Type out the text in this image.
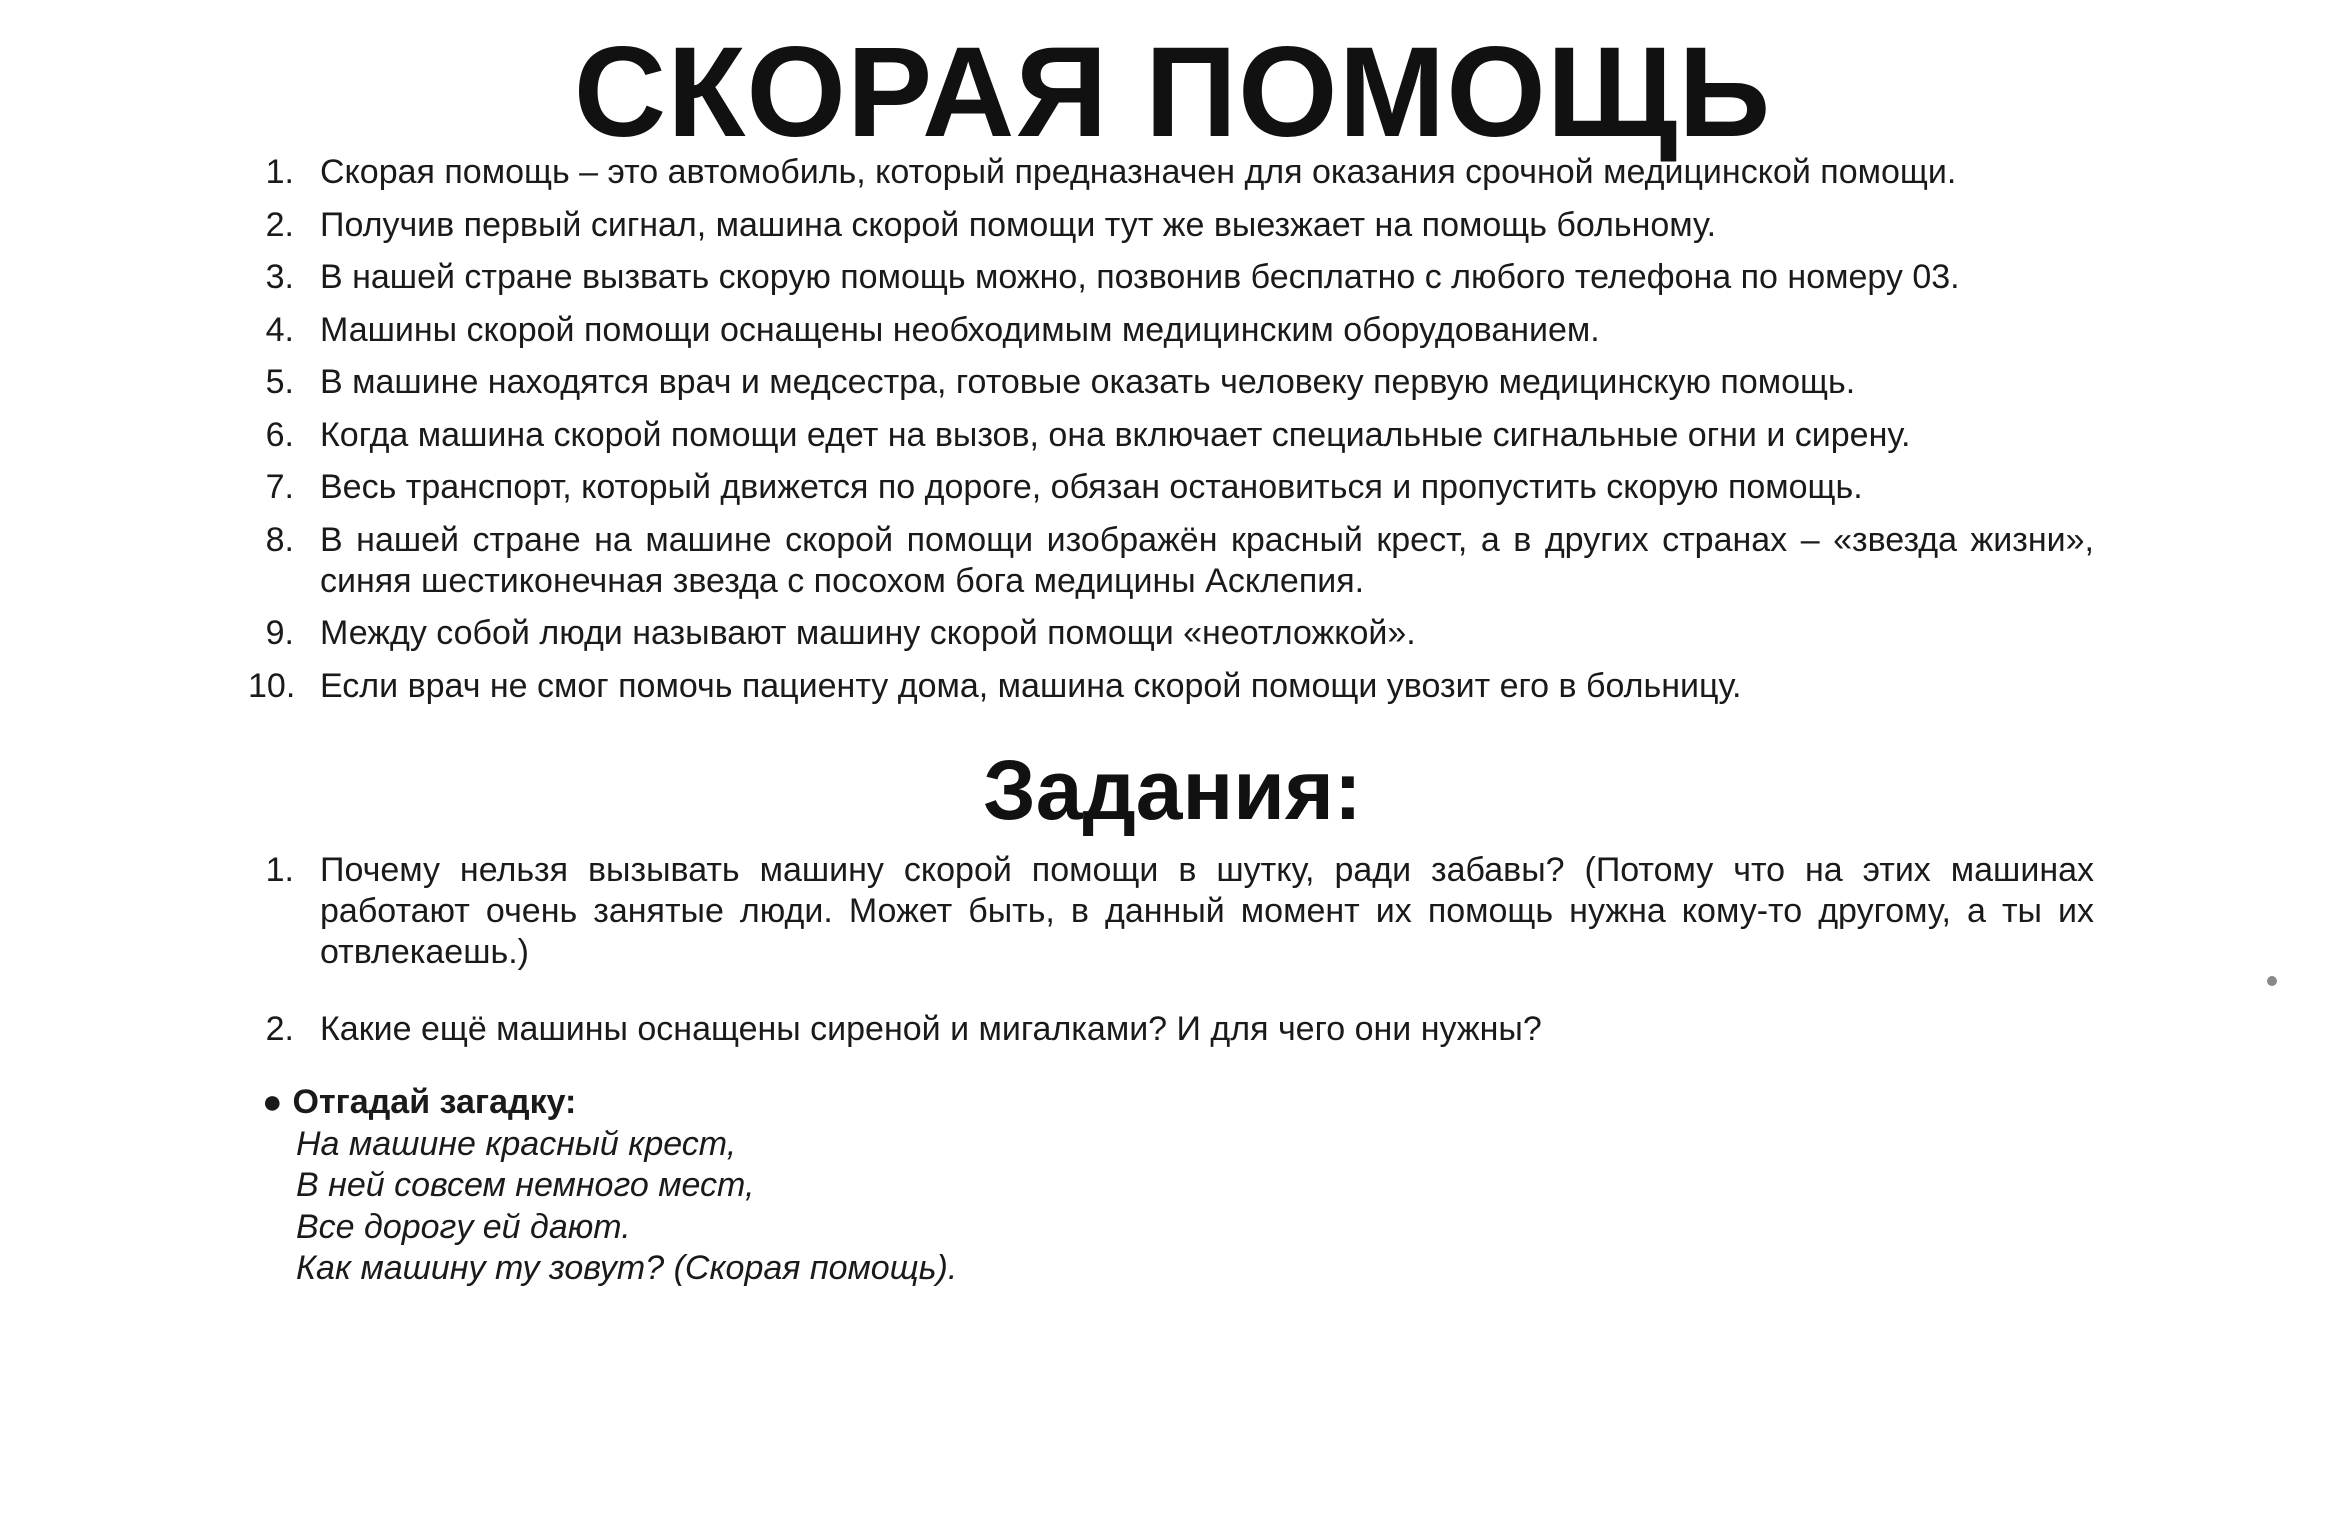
СКОРАЯ ПОМОЩЬ
1. Скорая помощь – это автомобиль, который предназначен для оказания срочной медицинской помощи.
2. Получив первый сигнал, машина скорой помощи тут же выезжает на помощь больному.
3. В нашей стране вызвать скорую помощь можно, позвонив бесплатно с любого телефона по номеру 03.
4. Машины скорой помощи оснащены необходимым медицинским оборудованием.
5. В машине находятся врач и медсестра, готовые оказать человеку первую медицинскую помощь.
6. Когда машина скорой помощи едет на вызов, она включает специальные сигнальные огни и сирену.
7. Весь транспорт, который движется по дороге, обязан остановиться и пропустить скорую помощь.
8. В нашей стране на машине скорой помощи изображён красный крест, а в других странах – «звезда жизни», синяя шестиконечная звезда с посохом бога медицины Асклепия.
9. Между собой люди называют машину скорой помощи «неотложкой».
10. Если врач не смог помочь пациенту дома, машина скорой помощи увозит его в больницу.
Задания:
1. Почему нельзя вызывать машину скорой помощи в шутку, ради забавы? (Потому что на этих машинах работают очень занятые люди. Может быть, в данный момент их помощь нужна кому-то другому, а ты их отвлекаешь.)
2. Какие ещё машины оснащены сиреной и мигалками? И для чего они нужны?
● Отгадай загадку:
На машине красный крест,
В ней совсем немного мест,
Все дорогу ей дают.
Как машину ту зовут? (Скорая помощь).
